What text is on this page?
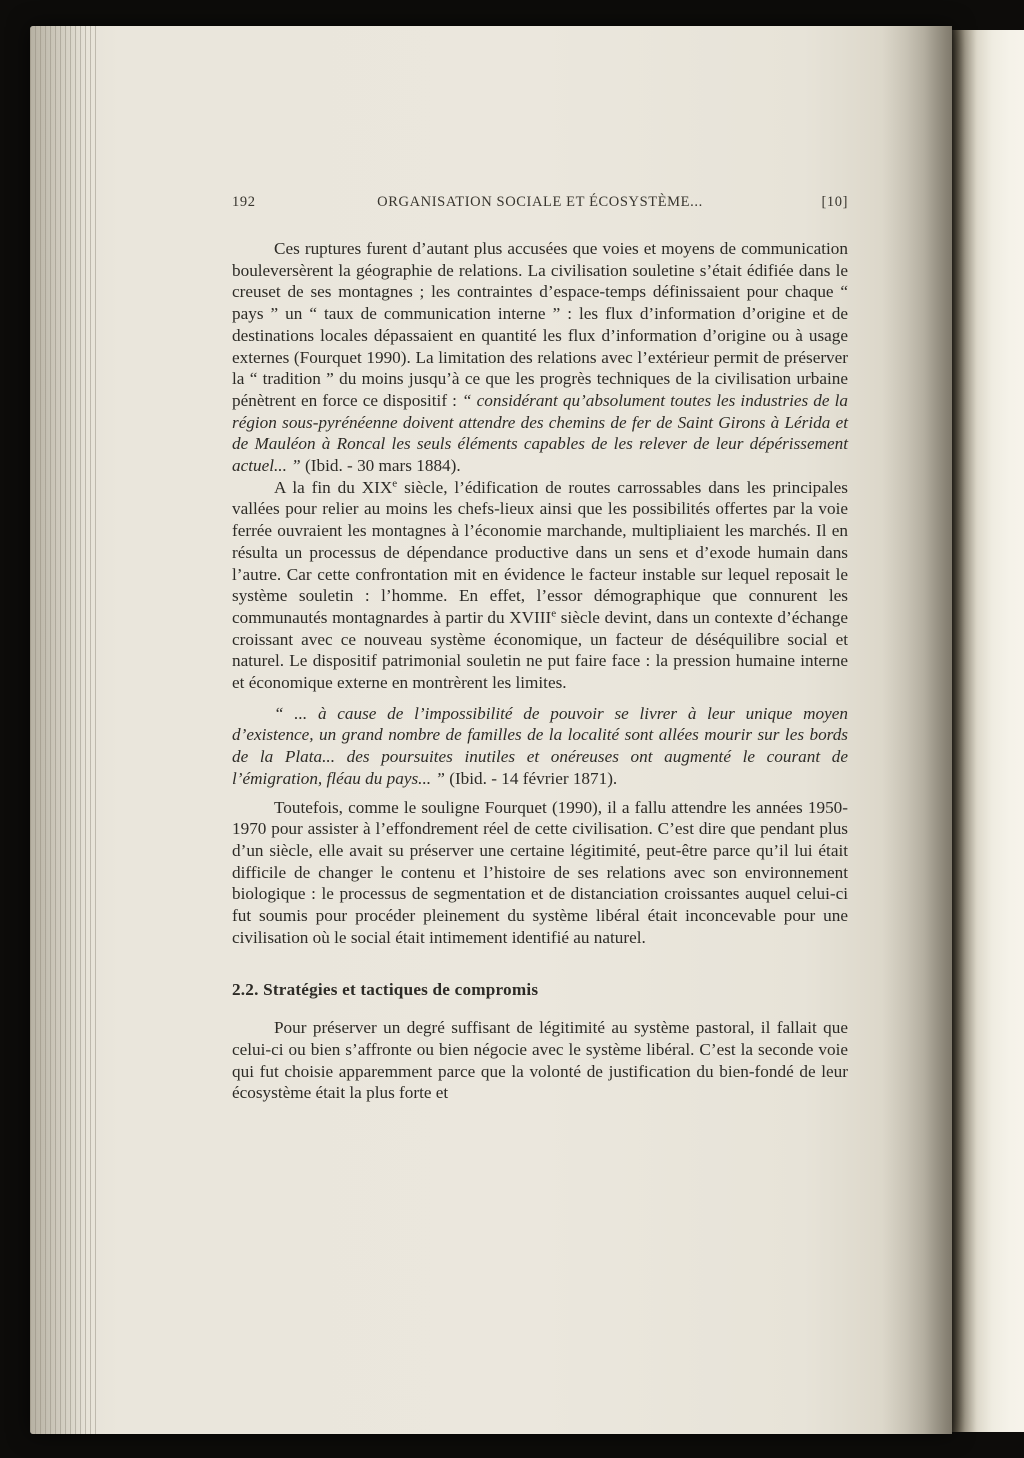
192	ORGANISATION SOCIALE ET ÉCOSYSTÈME...	[10]

Ces ruptures furent d’autant plus accusées que voies et moyens de communication bouleversèrent la géographie de relations. La civilisation souletine s’était édifiée dans le creuset de ses montagnes ; les contraintes d’espace-temps définissaient pour chaque “ pays ” un “ taux de communication interne ” : les flux d’information d’origine et de destinations locales dépassaient en quantité les flux d’information d’origine ou à usage externes (Fourquet 1990). La limitation des relations avec l’extérieur permit de préserver la “ tradition ” du moins jusqu’à ce que les progrès techniques de la civilisation urbaine pénètrent en force ce dispositif : “ considérant qu’absolument toutes les industries de la région sous-pyrénéenne doivent attendre des chemins de fer de Saint Girons à Lérida et de Mauléon à Roncal les seuls éléments capables de les relever de leur dépérissement actuel... ” (Ibid. - 30 mars 1884).

A la fin du XIXe siècle, l’édification de routes carrossables dans les principales vallées pour relier au moins les chefs-lieux ainsi que les possibilités offertes par la voie ferrée ouvraient les montagnes à l’économie marchande, multipliaient les marchés. Il en résulta un processus de dépendance productive dans un sens et d’exode humain dans l’autre. Car cette confrontation mit en évidence le facteur instable sur lequel reposait le système souletin : l’homme. En effet, l’essor démographique que connurent les communautés montagnardes à partir du XVIIIe siècle devint, dans un contexte d’échange croissant avec ce nouveau système économique, un facteur de déséquilibre social et naturel. Le dispositif patrimonial souletin ne put faire face : la pression humaine interne et économique externe en montrèrent les limites.

“ ... à cause de l’impossibilité de pouvoir se livrer à leur unique moyen d’existence, un grand nombre de familles de la localité sont allées mourir sur les bords de la Plata... des poursuites inutiles et onéreuses ont augmenté le courant de l’émigration, fléau du pays... ” (Ibid. - 14 février 1871).

Toutefois, comme le souligne Fourquet (1990), il a fallu attendre les années 1950-1970 pour assister à l’effondrement réel de cette civilisation. C’est dire que pendant plus d’un siècle, elle avait su préserver une certaine légitimité, peut-être parce qu’il lui était difficile de changer le contenu et l’histoire de ses relations avec son environnement biologique : le processus de segmentation et de distanciation croissantes auquel celui-ci fut soumis pour procéder pleinement du système libéral était inconcevable pour une civilisation où le social était intimement identifié au naturel.

2.2. Stratégies et tactiques de compromis

Pour préserver un degré suffisant de légitimité au système pastoral, il fallait que celui-ci ou bien s’affronte ou bien négocie avec le système libéral. C’est la seconde voie qui fut choisie apparemment parce que la volonté de justification du bien-fondé de leur écosystème était la plus forte et
